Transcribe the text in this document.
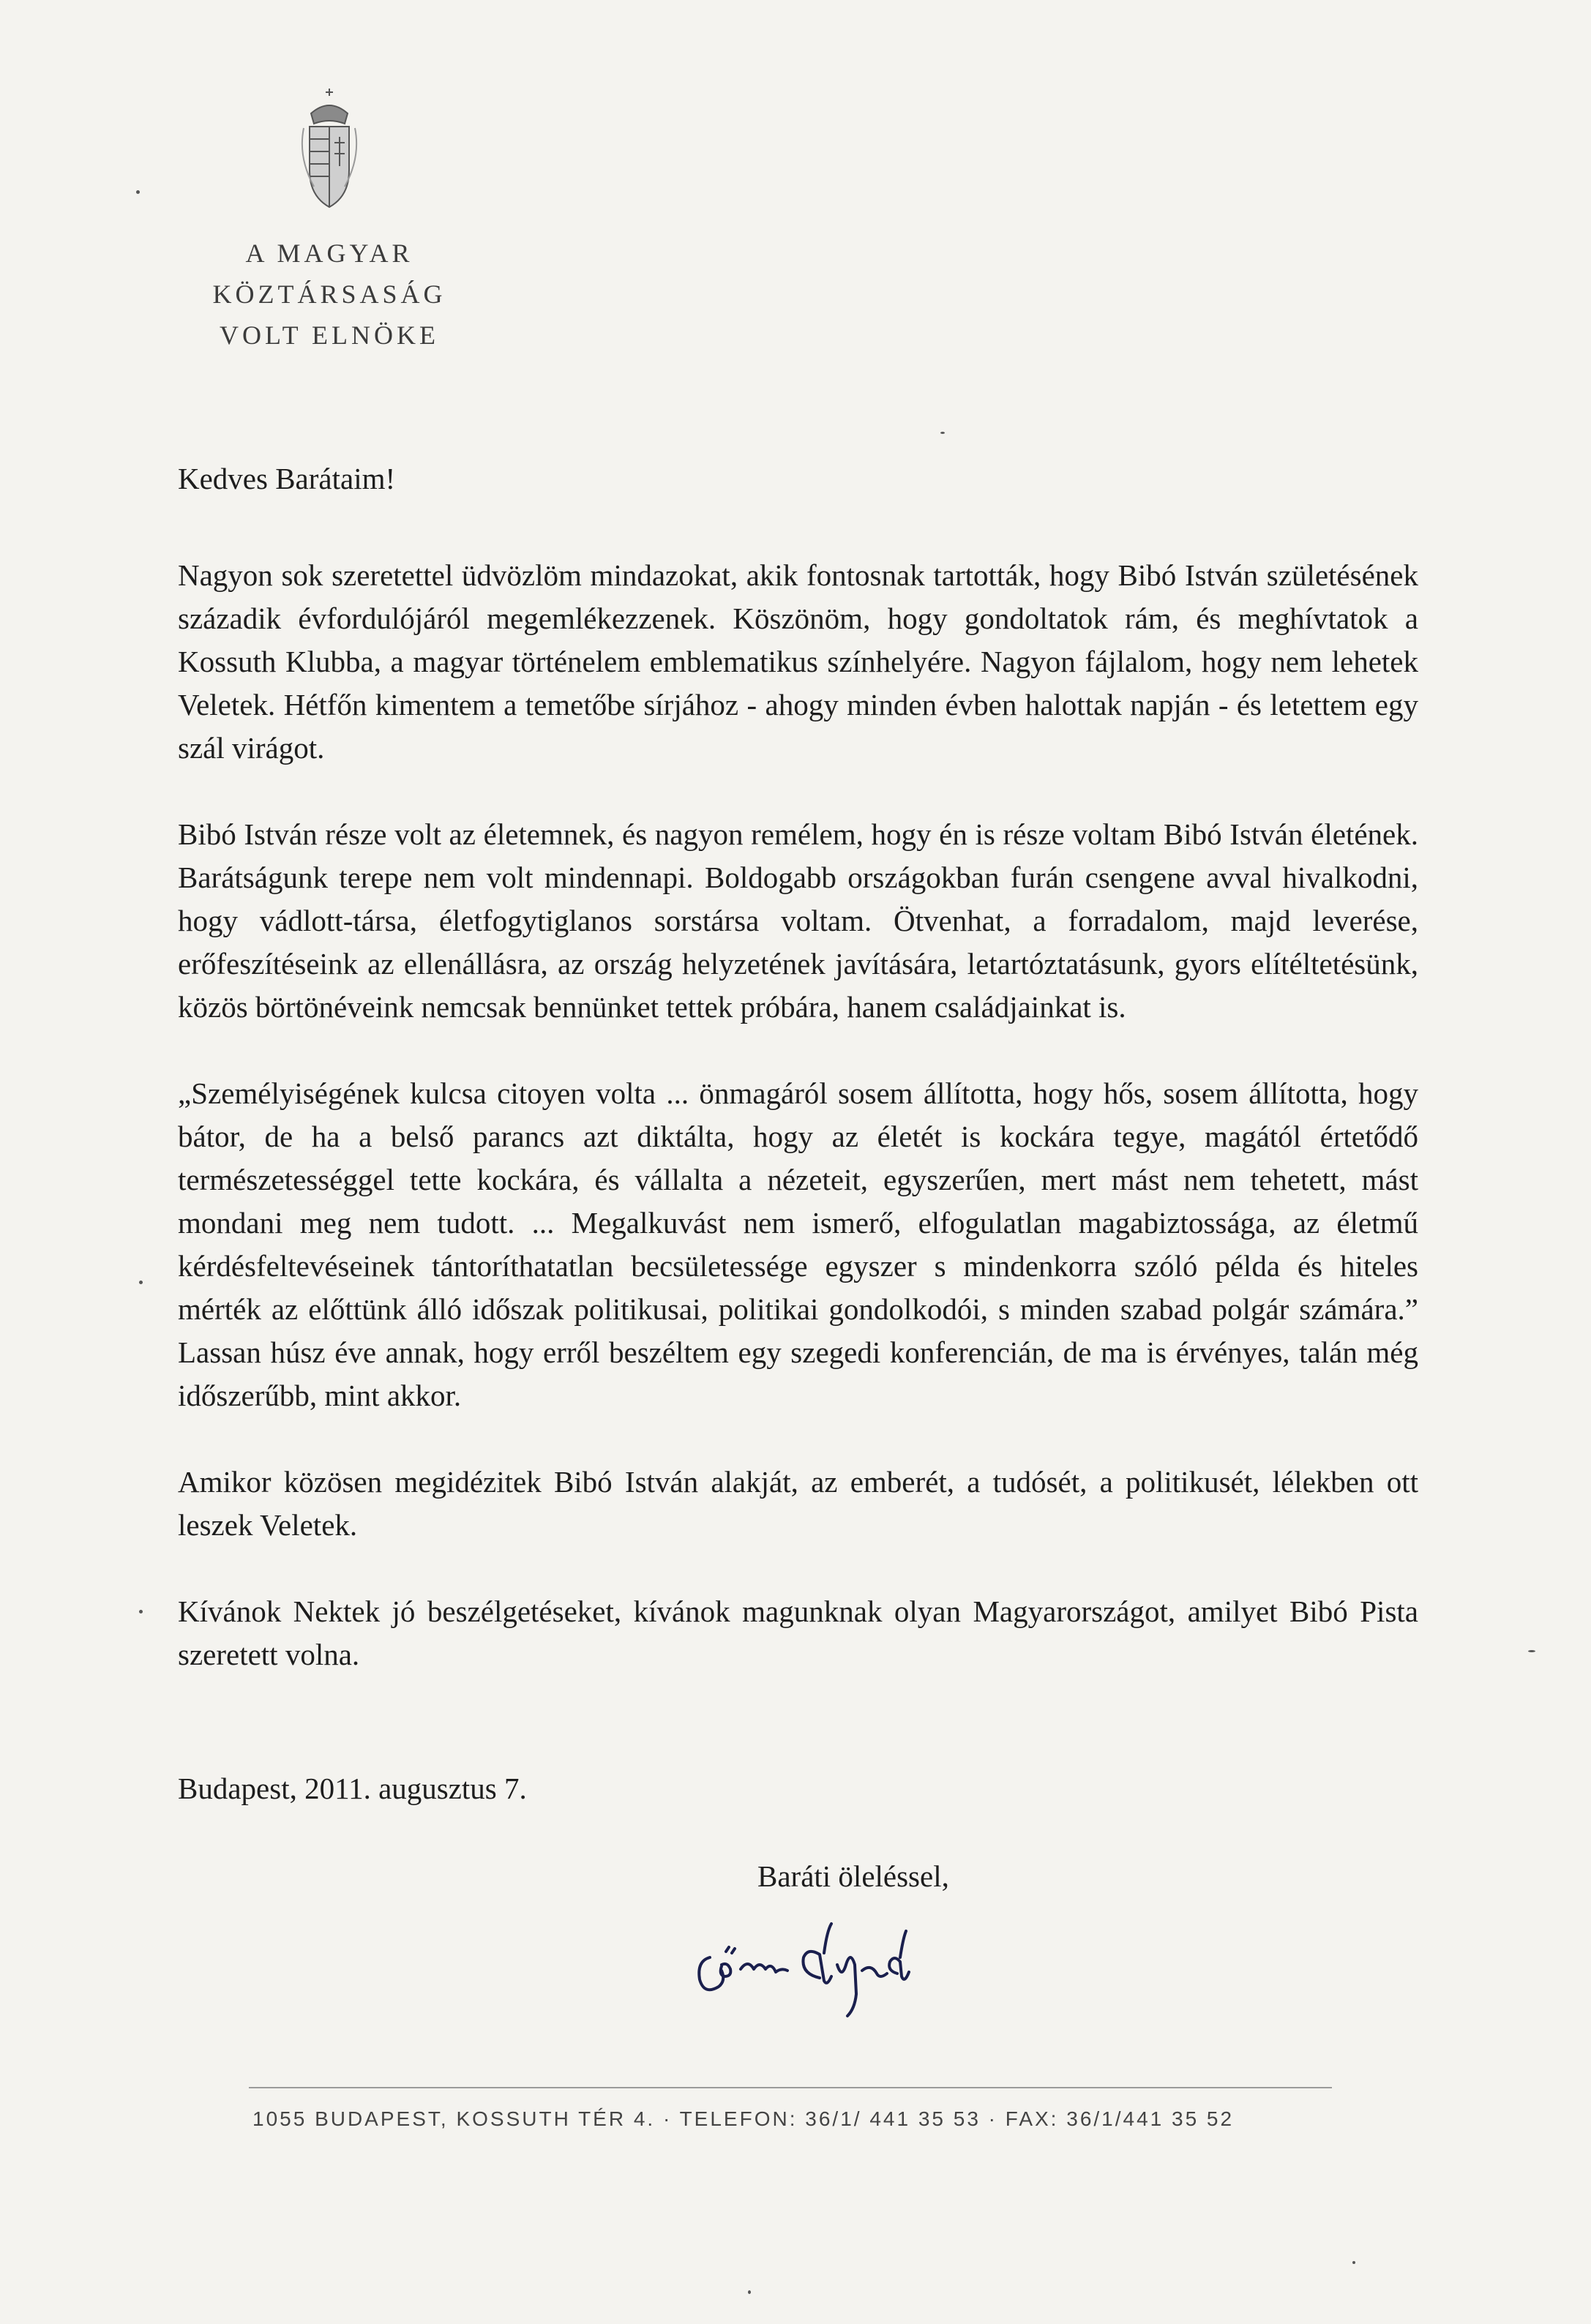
A MAGYAR
KÖZTÁRSASÁG
VOLT ELNÖKE

Kedves Barátaim!

Nagyon sok szeretettel üdvözlöm mindazokat, akik fontosnak tartották, hogy Bibó István születésének századik évfordulójáról megemlékezzenek. Köszönöm, hogy gondoltatok rám, és meghívtatok a Kossuth Klubba, a magyar történelem emblematikus színhelyére. Nagyon fájlalom, hogy nem lehetek Veletek. Hétfőn kimentem a temetőbe sírjához - ahogy minden évben halottak napján - és letettem egy szál virágot.

Bibó István része volt az életemnek, és nagyon remélem, hogy én is része voltam Bibó István életének. Barátságunk terepe nem volt mindennapi. Boldogabb országokban furán csengene avval hivalkodni, hogy vádlott-társa, életfogytiglanos sorstársa voltam. Ötvenhat, a forradalom, majd leverése, erőfeszítéseink az ellenállásra, az ország helyzetének javítására, letartóztatásunk, gyors elítéltetésünk, közös börtönéveink nemcsak bennünket tettek próbára, hanem családjainkat is.

„Személyiségének kulcsa citoyen volta ... önmagáról sosem állította, hogy hős, sosem állította, hogy bátor, de ha a belső parancs azt diktálta, hogy az életét is kockára tegye, magától értetődő természetességgel tette kockára, és vállalta a nézeteit, egyszerűen, mert mást nem tehetett, mást mondani meg nem tudott. ... Megalkuvást nem ismerő, elfogulatlan magabiztossága, az életmű kérdésfeltevéseinek tántoríthatatlan becsületessége egyszer s mindenkorra szóló példa és hiteles mérték az előttünk álló időszak politikusai, politikai gondolkodói, s minden szabad polgár számára.” Lassan húsz éve annak, hogy erről beszéltem egy szegedi konferencián, de ma is érvényes, talán még időszerűbb, mint akkor.

Amikor közösen megidézitek Bibó István alakját, az emberét, a tudósét, a politikusét, lélekben ott leszek Veletek.

Kívánok Nektek jó beszélgetéseket, kívánok magunknak olyan Magyarországot, amilyet Bibó Pista szeretett volna.

Budapest, 2011. augusztus 7.
Baráti öleléssel,
1055 BUDAPEST, KOSSUTH TÉR 4. · TELEFON: 36/1/ 441 35 53 · FAX: 36/1/441 35 52
